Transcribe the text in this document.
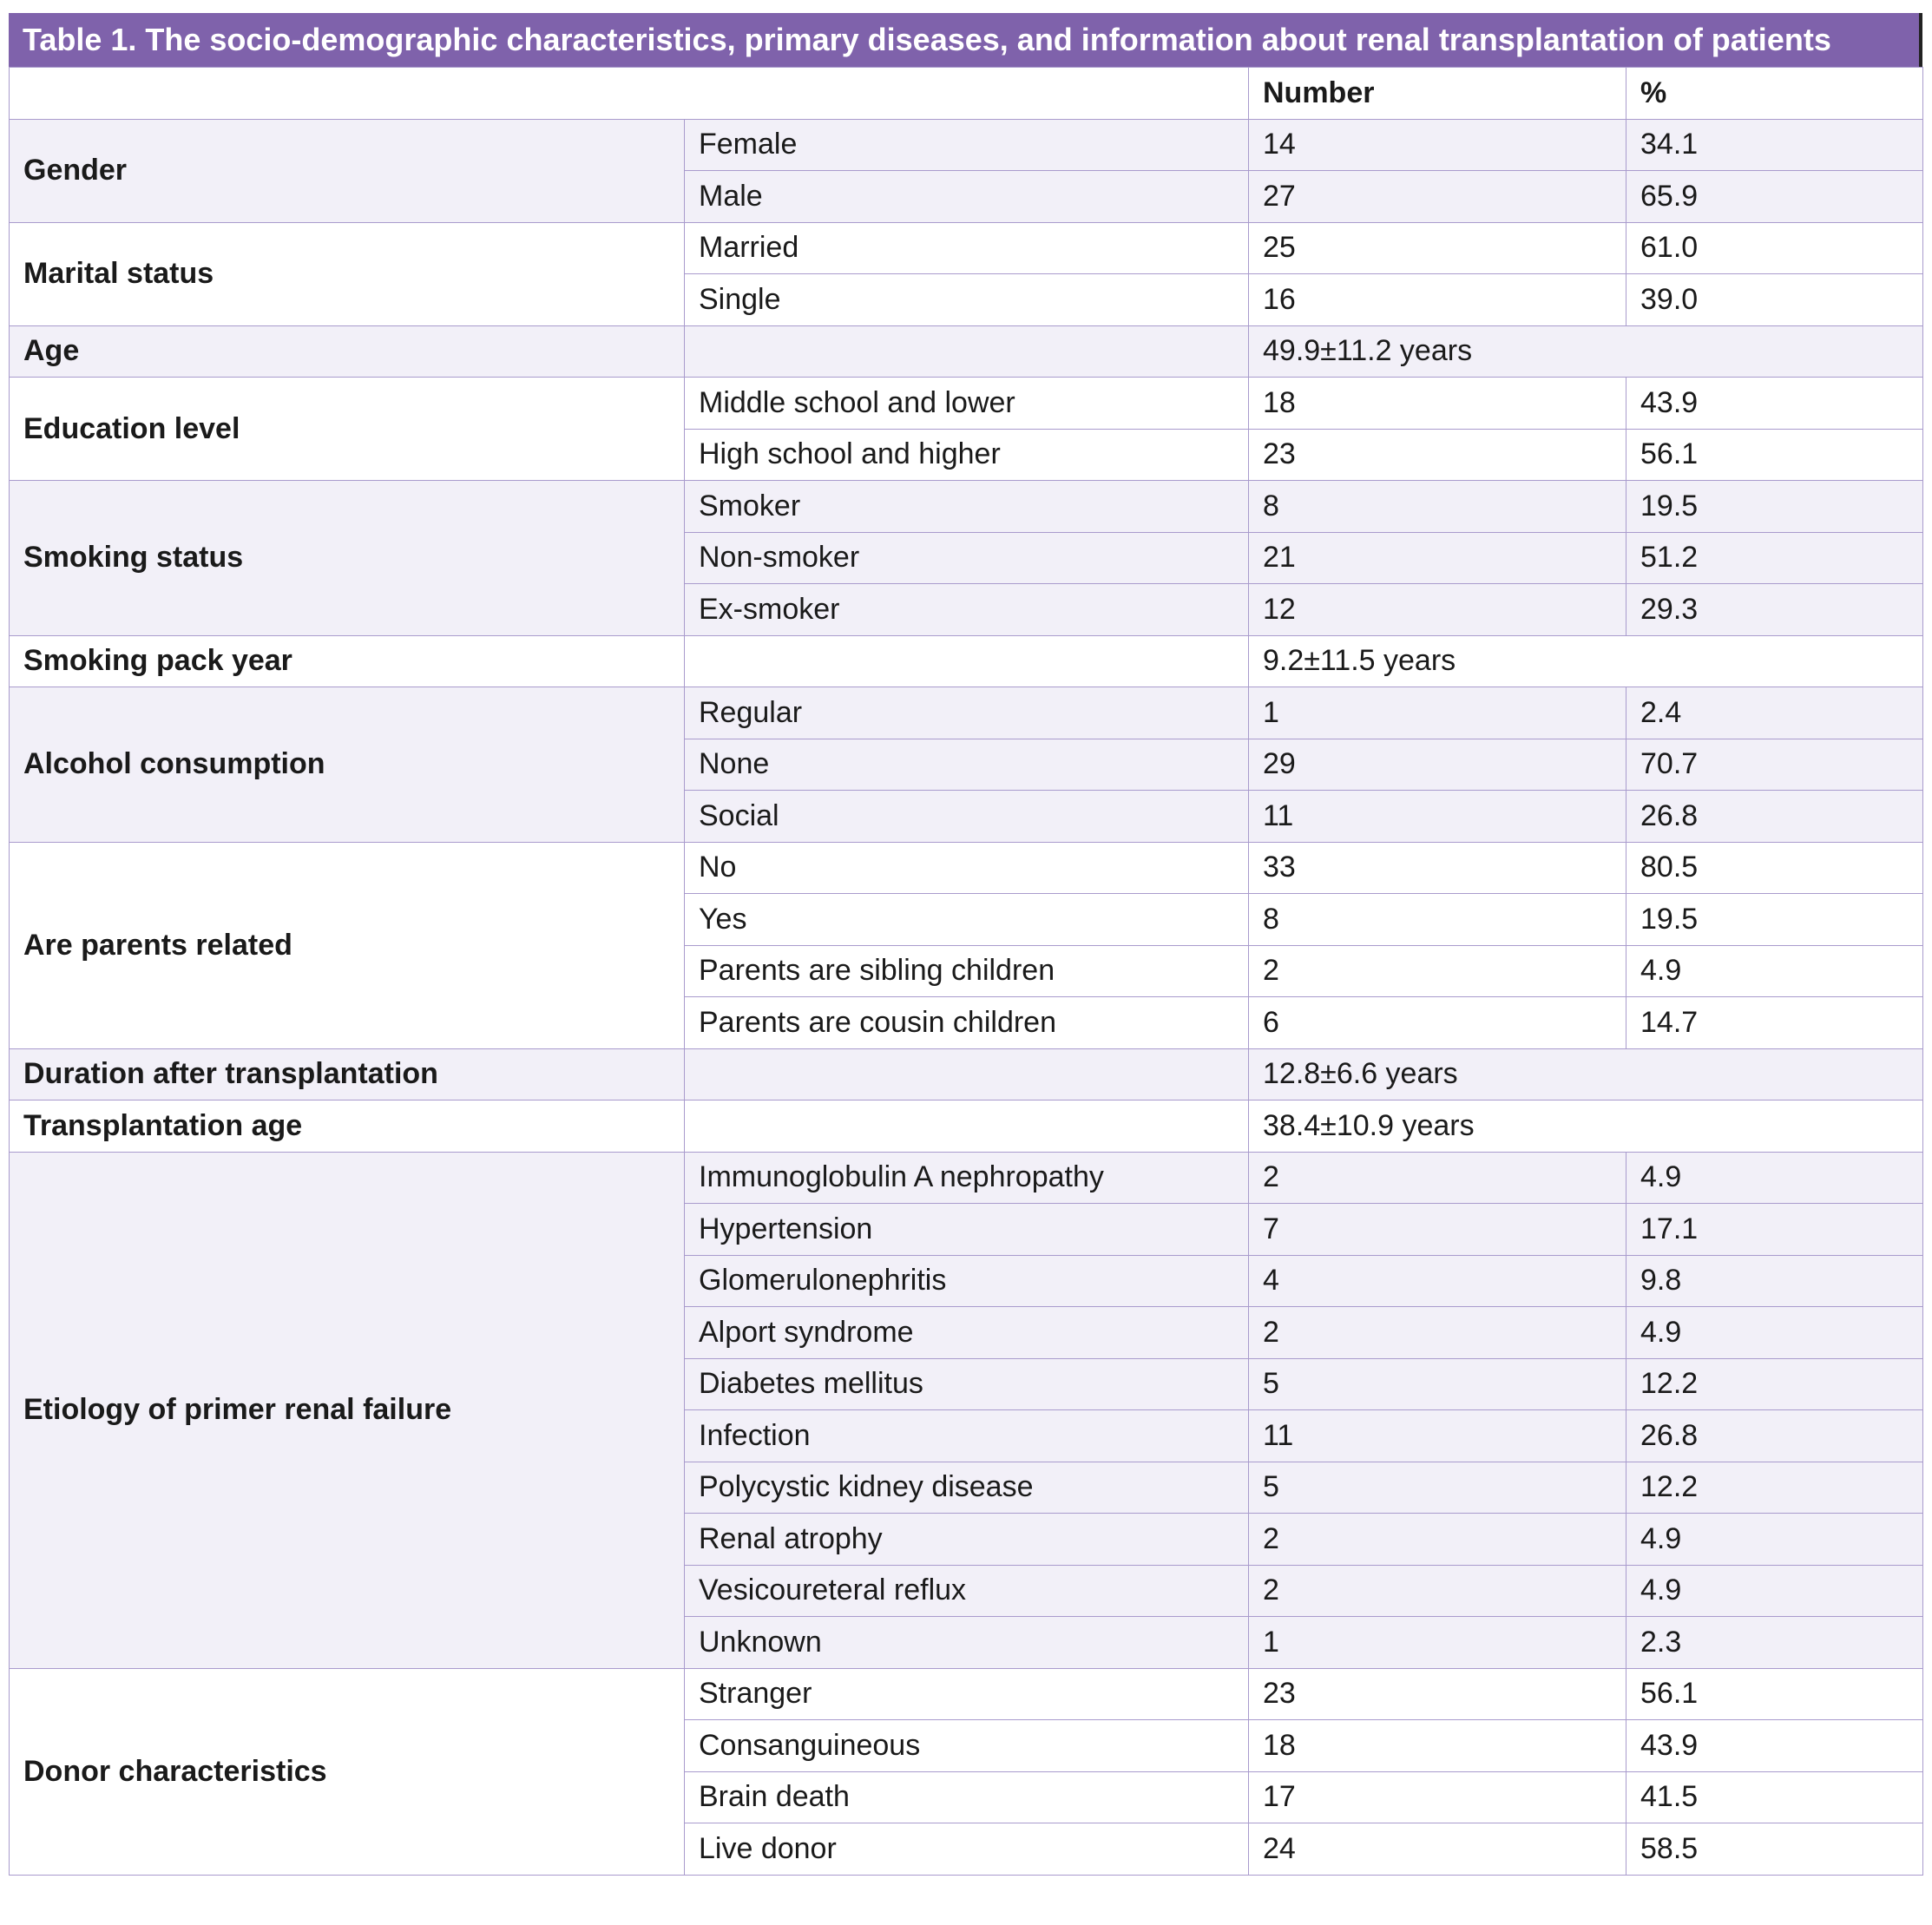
Table 1. The socio-demographic characteristics, primary diseases, and information about renal transplantation of patients
		Number	%
Gender	Female	14	34.1
	Male	27	65.9
Marital status	Married	25	61.0
	Single	16	39.0
Age		49.9±11.2 years	
Education level	Middle school and lower	18	43.9
	High school and higher	23	56.1
Smoking status	Smoker	8	19.5
	Non-smoker	21	51.2
	Ex-smoker	12	29.3
Smoking pack year		9.2±11.5 years	
Alcohol consumption	Regular	1	2.4
	None	29	70.7
	Social	11	26.8
Are parents related	No	33	80.5
	Yes	8	19.5
	Parents are sibling children	2	4.9
	Parents are cousin children	6	14.7
Duration after transplantation		12.8±6.6 years	
Transplantation age		38.4±10.9 years	
Etiology of primer renal failure	Immunoglobulin A nephropathy	2	4.9
	Hypertension	7	17.1
	Glomerulonephritis	4	9.8
	Alport syndrome	2	4.9
	Diabetes mellitus	5	12.2
	Infection	11	26.8
	Polycystic kidney disease	5	12.2
	Renal atrophy	2	4.9
	Vesicoureteral reflux	2	4.9
	Unknown	1	2.3
Donor characteristics	Stranger	23	56.1
	Consanguineous	18	43.9
	Brain death	17	41.5
	Live donor	24	58.5
